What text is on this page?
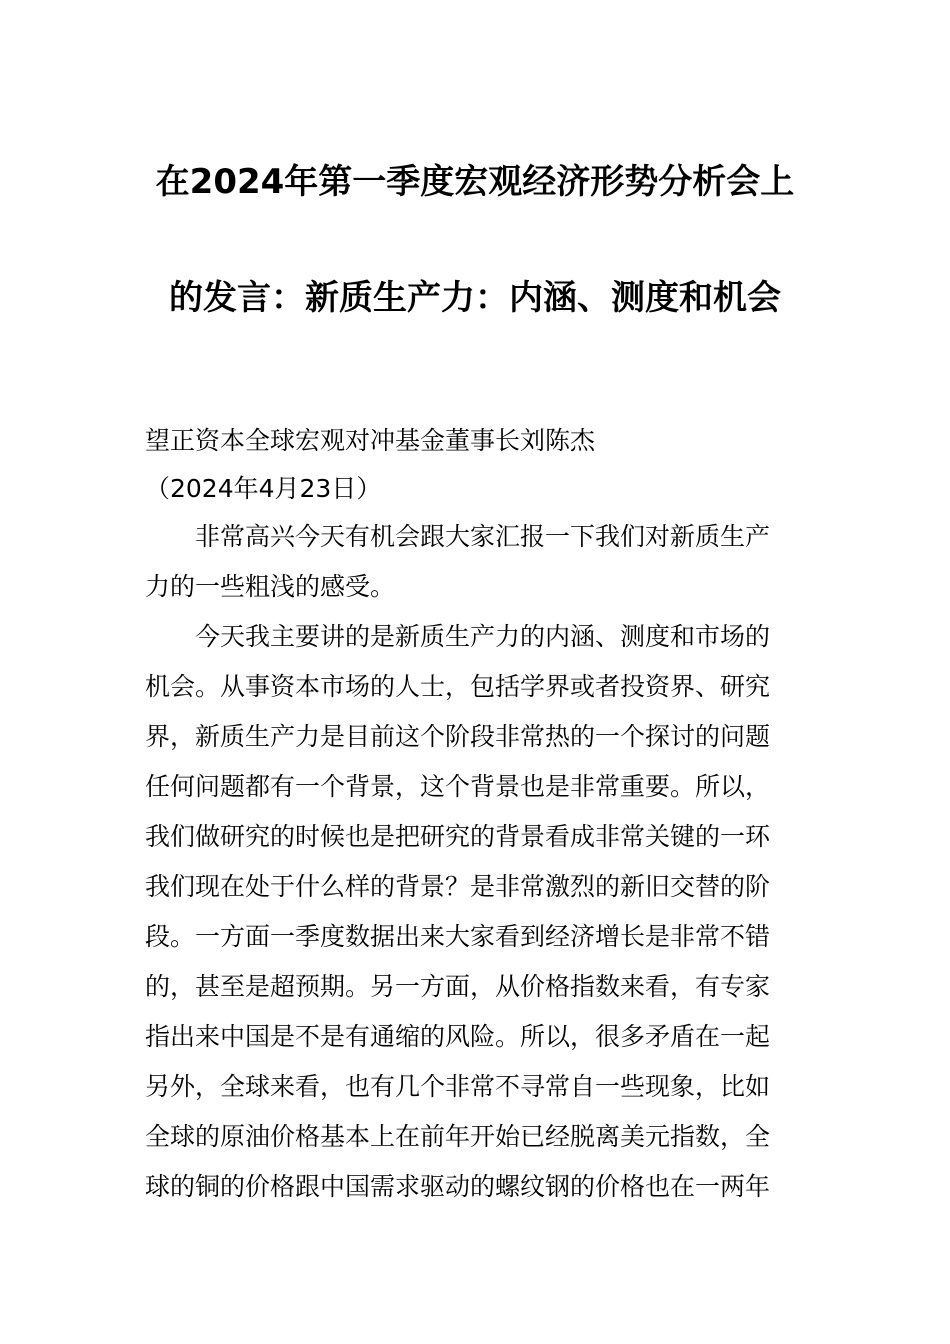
在2024年第一季度宏观经济形势分析会上
的发言：新质生产力：内涵、测度和机会
望正资本全球宏观对冲基金董事长刘陈杰
（2024年4月23日）
非常高兴今天有机会跟大家汇报一下我们对新质生产
力的一些粗浅的感受。
今天我主要讲的是新质生产力的内涵、测度和市场的
机会。从事资本市场的人士，包括学界或者投资界、研究
界，新质生产力是目前这个阶段非常热的一个探讨的问题
任何问题都有一个背景，这个背景也是非常重要。所以，
我们做研究的时候也是把研究的背景看成非常关键的一环
我们现在处于什么样的背景？是非常激烈的新旧交替的阶
段。一方面一季度数据出来大家看到经济增长是非常不错
的，甚至是超预期。另一方面，从价格指数来看，有专家
指出来中国是不是有通缩的风险。所以，很多矛盾在一起
另外，全球来看，也有几个非常不寻常自一些现象，比如
全球的原油价格基本上在前年开始已经脱离美元指数，全
球的铜的价格跟中国需求驱动的螺纹钢的价格也在一两年
